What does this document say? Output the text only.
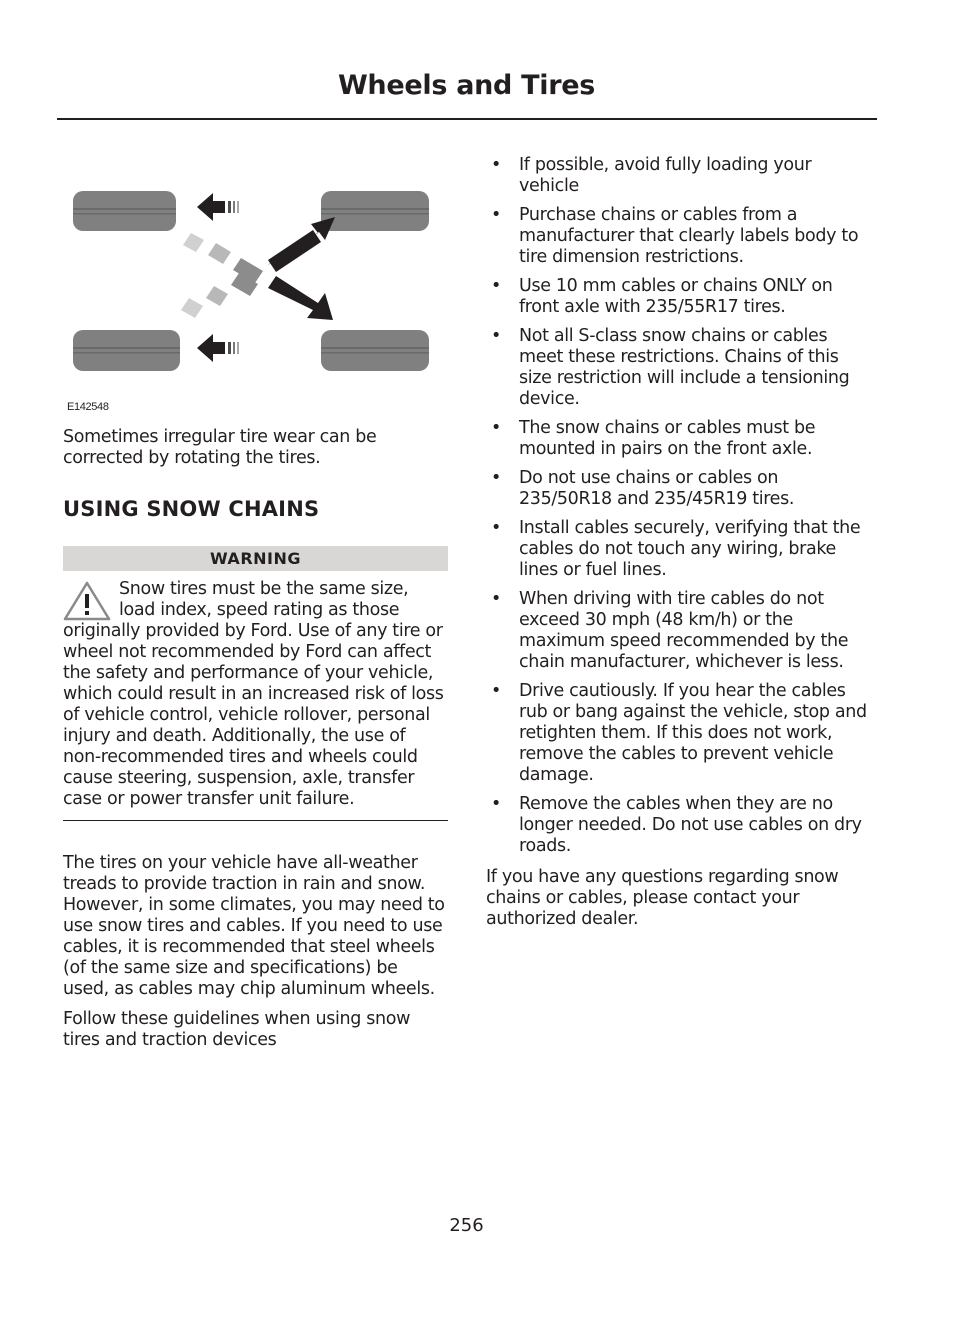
Wheels and Tires
E142548
Sometimes irregular tire wear can be corrected by rotating the tires.
USING SNOW CHAINS
WARNING
Snow tires must be the same size, load index, speed rating as those originally provided by Ford. Use of any tire or wheel not recommended by Ford can affect the safety and performance of your vehicle, which could result in an increased risk of loss of vehicle control, vehicle rollover, personal injury and death. Additionally, the use of non-recommended tires and wheels could cause steering, suspension, axle, transfer case or power transfer unit failure.
The tires on your vehicle have all-weather treads to provide traction in rain and snow. However, in some climates, you may need to use snow tires and cables. If you need to use cables, it is recommended that steel wheels (of the same size and specifications) be used, as cables may chip aluminum wheels.
Follow these guidelines when using snow tires and traction devices
• If possible, avoid fully loading your vehicle
• Purchase chains or cables from a manufacturer that clearly labels body to tire dimension restrictions.
• Use 10 mm cables or chains ONLY on front axle with 235/55R17 tires.
• Not all S-class snow chains or cables meet these restrictions. Chains of this size restriction will include a tensioning device.
• The snow chains or cables must be mounted in pairs on the front axle.
• Do not use chains or cables on 235/50R18 and 235/45R19 tires.
• Install cables securely, verifying that the cables do not touch any wiring, brake lines or fuel lines.
• When driving with tire cables do not exceed 30 mph (48 km/h) or the maximum speed recommended by the chain manufacturer, whichever is less.
• Drive cautiously. If you hear the cables rub or bang against the vehicle, stop and retighten them. If this does not work, remove the cables to prevent vehicle damage.
• Remove the cables when they are no longer needed. Do not use cables on dry roads.
If you have any questions regarding snow chains or cables, please contact your authorized dealer.
256
